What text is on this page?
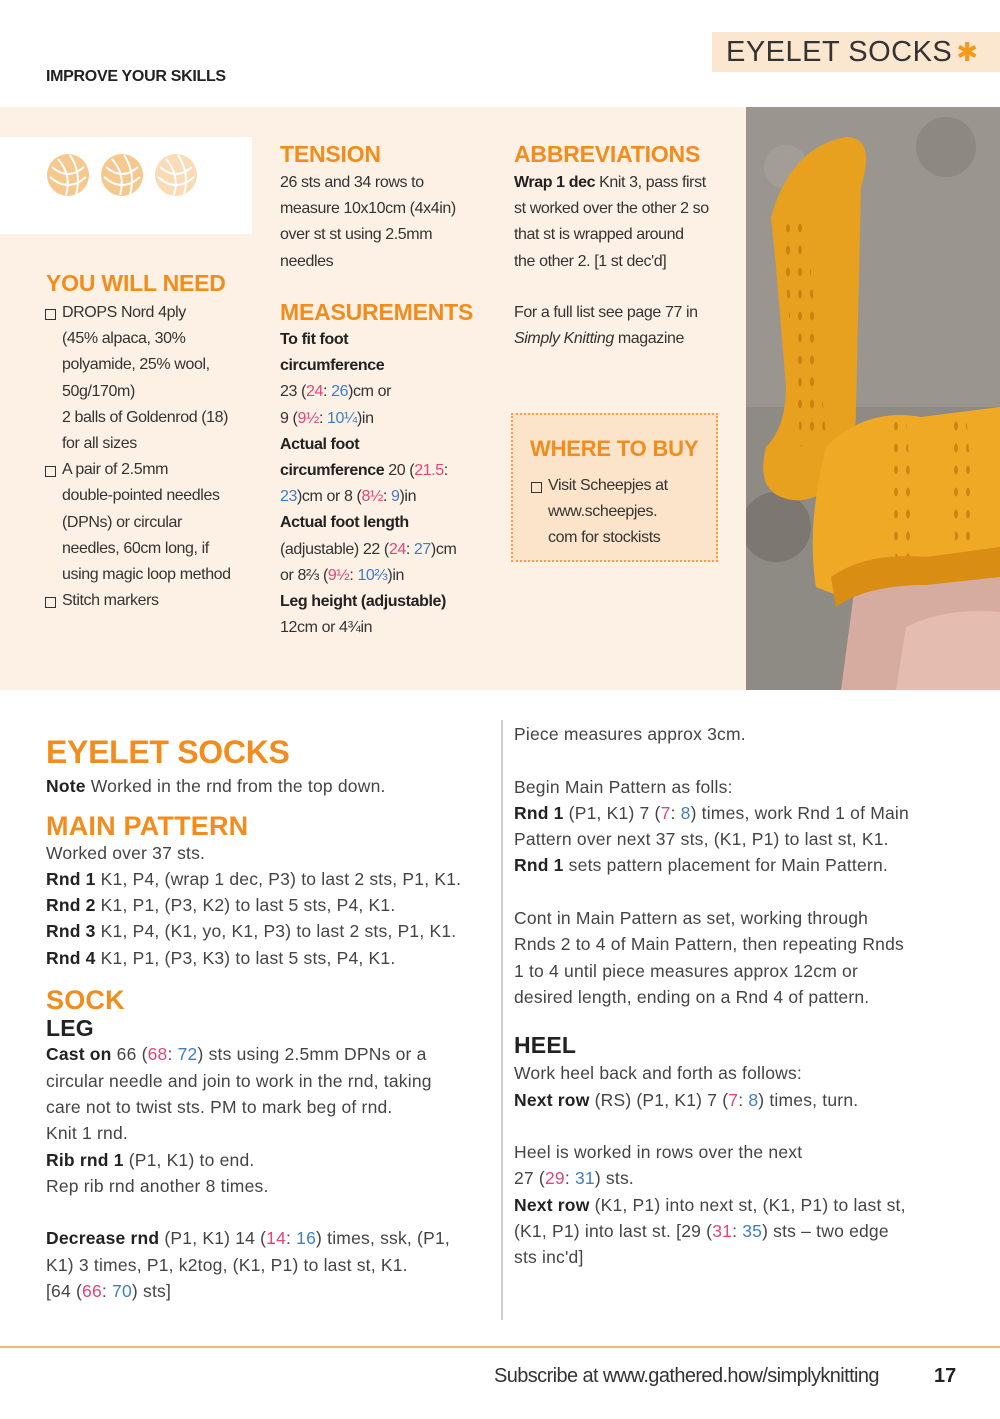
EYELET SOCKS ✱
IMPROVE YOUR SKILLS
YOU WILL NEED
DROPS Nord 4ply
(45% alpaca, 30%
polyamide, 25% wool,
50g/170m)
2 balls of Goldenrod (18)
for all sizes
A pair of 2.5mm
double-pointed needles
(DPNs) or circular
needles, 60cm long, if
using magic loop method
Stitch markers
TENSION
26 sts and 34 rows to
measure 10x10cm (4x4in)
over st st using 2.5mm
needles
MEASUREMENTS
To fit foot
circumference
23 (24: 26)cm or
9 (9½: 10¼)in
Actual foot
circumference 20 (21.5:
23)cm or 8 (8½: 9)in
Actual foot length
(adjustable) 22 (24: 27)cm
or 8⅔ (9½: 10⅔)in
Leg height (adjustable)
12cm or 4¾in
ABBREVIATIONS
Wrap 1 dec Knit 3, pass first
st worked over the other 2 so
that st is wrapped around
the other 2. [1 st dec'd]
For a full list see page 77 in
Simply Knitting magazine
WHERE TO BUY
Visit Scheepjes at
www.scheepjes.
com for stockists
EYELET SOCKS

Note Worked in the rnd from the top down.

MAIN PATTERN

Worked over 37 sts.

Rnd 1 K1, P4, (wrap 1 dec, P3) to last 2 sts, P1, K1.

Rnd 2 K1, P1, (P3, K2) to last 5 sts, P4, K1.

Rnd 3 K1, P4, (K1, yo, K1, P3) to last 2 sts, P1, K1.

Rnd 4 K1, P1, (P3, K3) to last 5 sts, P4, K1.

SOCK
LEG

Cast on 66 (68: 72) sts using 2.5mm DPNs or a

circular needle and join to work in the rnd, taking

care not to twist sts. PM to mark beg of rnd.

Knit 1 rnd.

Rib rnd 1 (P1, K1) to end.

Rep rib rnd another 8 times.

Decrease rnd (P1, K1) 14 (14: 16) times, ssk, (P1,

K1) 3 times, P1, k2tog, (K1, P1) to last st, K1.

[64 (66: 70) sts]

Piece measures approx 3cm.

Begin Main Pattern as folls:

Rnd 1 (P1, K1) 7 (7: 8) times, work Rnd 1 of Main

Pattern over next 37 sts, (K1, P1) to last st, K1.

Rnd 1 sets pattern placement for Main Pattern.

Cont in Main Pattern as set, working through

Rnds 2 to 4 of Main Pattern, then repeating Rnds

1 to 4 until piece measures approx 12cm or

desired length, ending on a Rnd 4 of pattern.

HEEL

Work heel back and forth as follows:

Next row (RS) (P1, K1) 7 (7: 8) times, turn.

Heel is worked in rows over the next

27 (29: 31) sts.

Next row (K1, P1) into next st, (K1, P1) to last st,

(K1, P1) into last st. [29 (31: 35) sts – two edge

sts inc'd]

Subscribe at www.gathered.how/simplyknitting	17
